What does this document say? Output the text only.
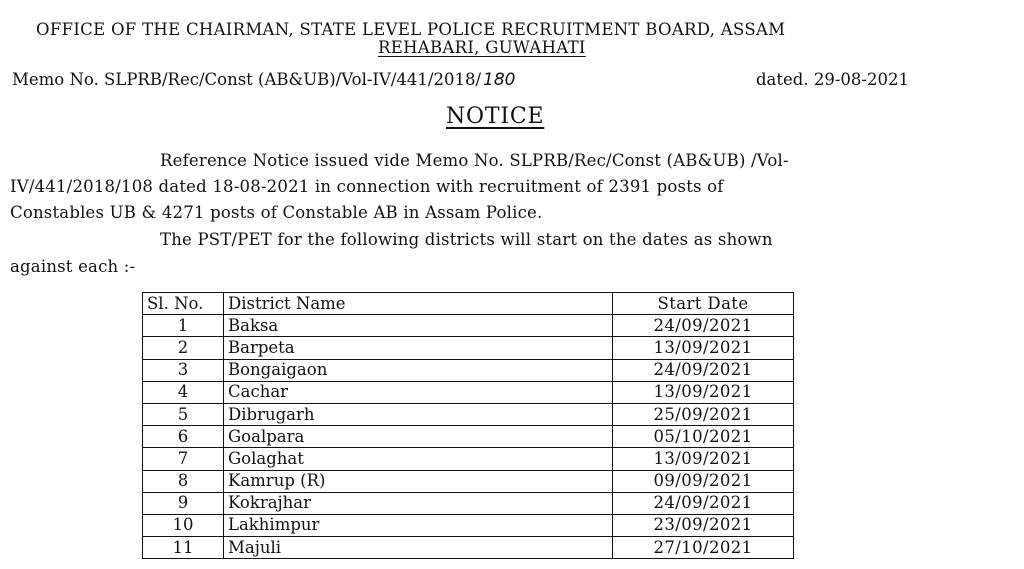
OFFICE OF THE CHAIRMAN, STATE LEVEL POLICE RECRUITMENT BOARD, ASSAM
REHABARI, GUWAHATI
Memo No. SLPRB/Rec/Const (AB&UB)/Vol-IV/441/2018/ 180	dated. 29-08-2021
NOTICE
Reference Notice issued vide Memo No. SLPRB/Rec/Const (AB&UB) /Vol-
IV/441/2018/108 dated 18-08-2021 in connection with recruitment of 2391 posts of
Constables UB & 4271 posts of Constable AB in Assam Police.
The PST/PET for the following districts will start on the dates as shown
against each :-
Sl. No.	District Name	Start Date
1	Baksa	24/09/2021
2	Barpeta	13/09/2021
3	Bongaigaon	24/09/2021
4	Cachar	13/09/2021
5	Dibrugarh	25/09/2021
6	Goalpara	05/10/2021
7	Golaghat	13/09/2021
8	Kamrup (R)	09/09/2021
9	Kokrajhar	24/09/2021
10	Lakhimpur	23/09/2021
11	Majuli	27/10/2021
